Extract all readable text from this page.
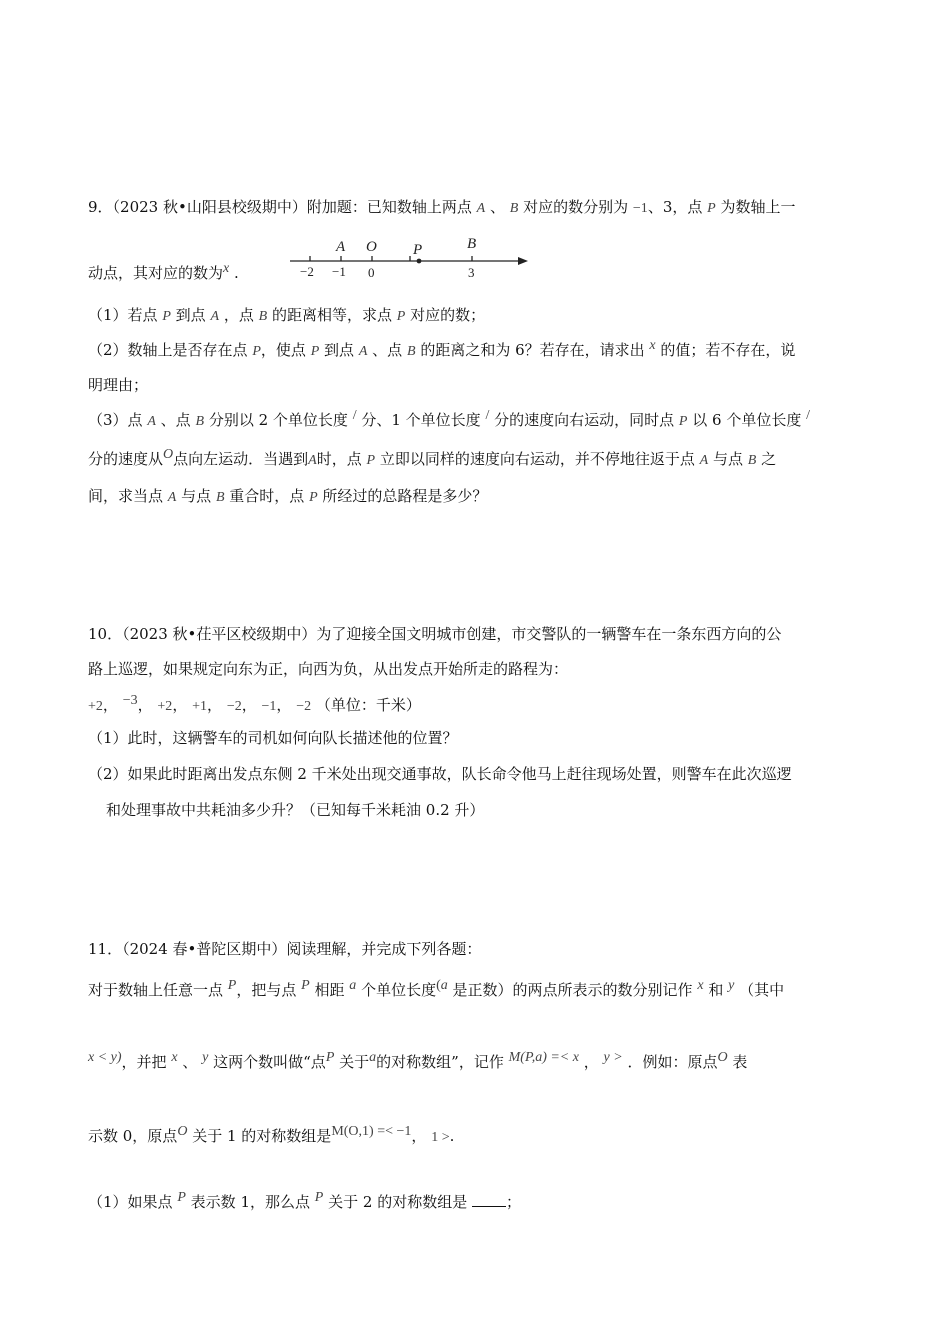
9．（2023 秋•山阳县校级期中）附加题：已知数轴上两点 A 、 B 对应的数分别为 −1、3，点 P 为数轴上一
动点，其对应的数为x .
A O P	B
−2 −1 0	3
（1）若点 P 到点 A ，点 B 的距离相等，求点 P 对应的数；
（2）数轴上是否存在点 P，使点 P 到点 A 、点 B 的距离之和为 6？若存在，请求出 x 的值；若不存在，说
明理由；
（3）点 A 、点 B 分别以 2 个单位长度 / 分、1 个单位长度 / 分的速度向右运动，同时点 P 以 6 个单位长度 /
分的速度从O点向左运动．当遇到A时，点 P 立即以同样的速度向右运动，并不停地往返于点 A 与点 B 之
间，求当点 A 与点 B 重合时，点 P 所经过的总路程是多少？
10．（2023 秋•茌平区校级期中）为了迎接全国文明城市创建，市交警队的一辆警车在一条东西方向的公
路上巡逻，如果规定向东为正，向西为负，从出发点开始所走的路程为：
+2， −3， +2， +1， −2， −1， −2 （单位：千米）
（1）此时，这辆警车的司机如何向队长描述他的位置？
（2）如果此时距离出发点东侧 2 千米处出现交通事故，队长命令他马上赶往现场处置，则警车在此次巡逻
和处理事故中共耗油多少升？（已知每千米耗油 0.2 升）
11．（2024 春•普陀区期中）阅读理解，并完成下列各题：
对于数轴上任意一点 P，把与点 P 相距 a 个单位长度(a 是正数）的两点所表示的数分别记作 x 和 y （其中
x < y)，并把 x 、 y 这两个数叫做“点P 关于a的对称数组”，记作 M(P,a) =< x ， y > ．例如：原点O 表
示数 0，原点O 关于 1 的对称数组是M(O,1) =< −1， 1 >.
（1）如果点 P 表示数 1，那么点 P 关于 2 的对称数组是	；
